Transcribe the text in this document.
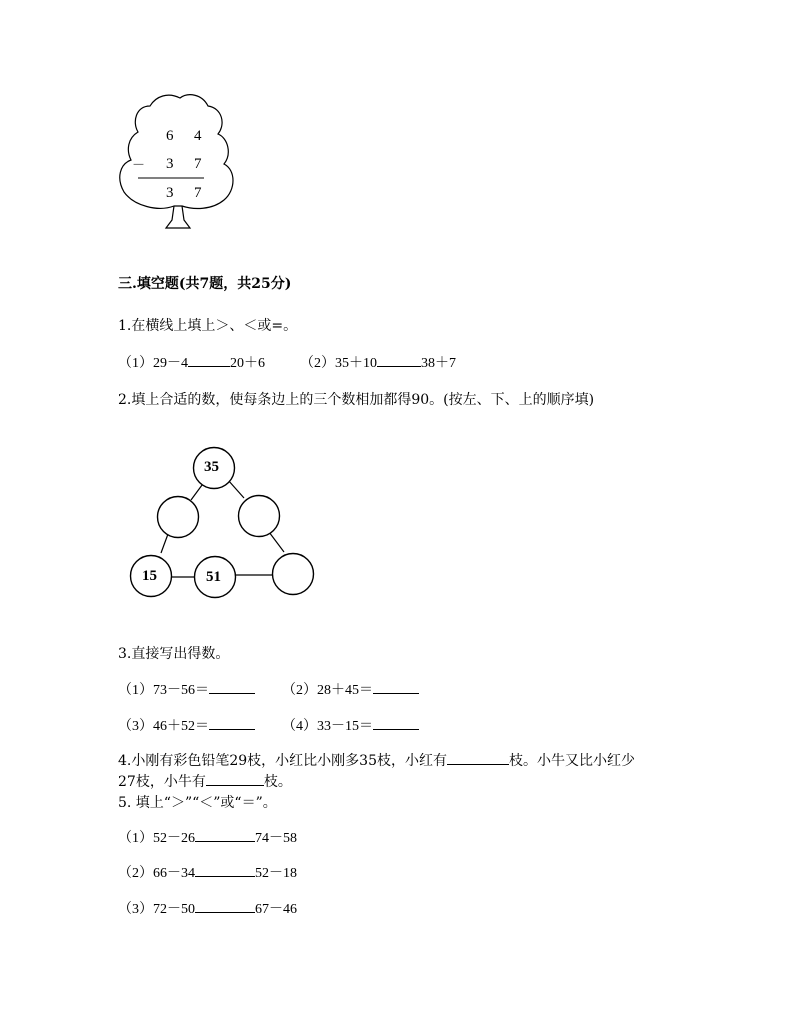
6 4
－ 3 7
3 7
三.填空题(共7题，共25分)
1.在横线上填上＞、＜或=。
（1）29－4	20＋6	（2）35＋10	38＋7
2.填上合适的数，使每条边上的三个数相加都得90。(按左、下、上的顺序填)
35
15	51
3.直接写出得数。
（1）73－56＝	（2）28＋45＝
（3）46＋52＝	（4）33－15＝
4.小刚有彩色铅笔29枝，小红比小刚多35枝，小红有	枝。小牛又比小红少
27枝，小牛有	枝。
5. 填上“＞”“＜”或“＝”。
（1）52－26	74－58
（2）66－34	52－18
（3）72－50	67－46
